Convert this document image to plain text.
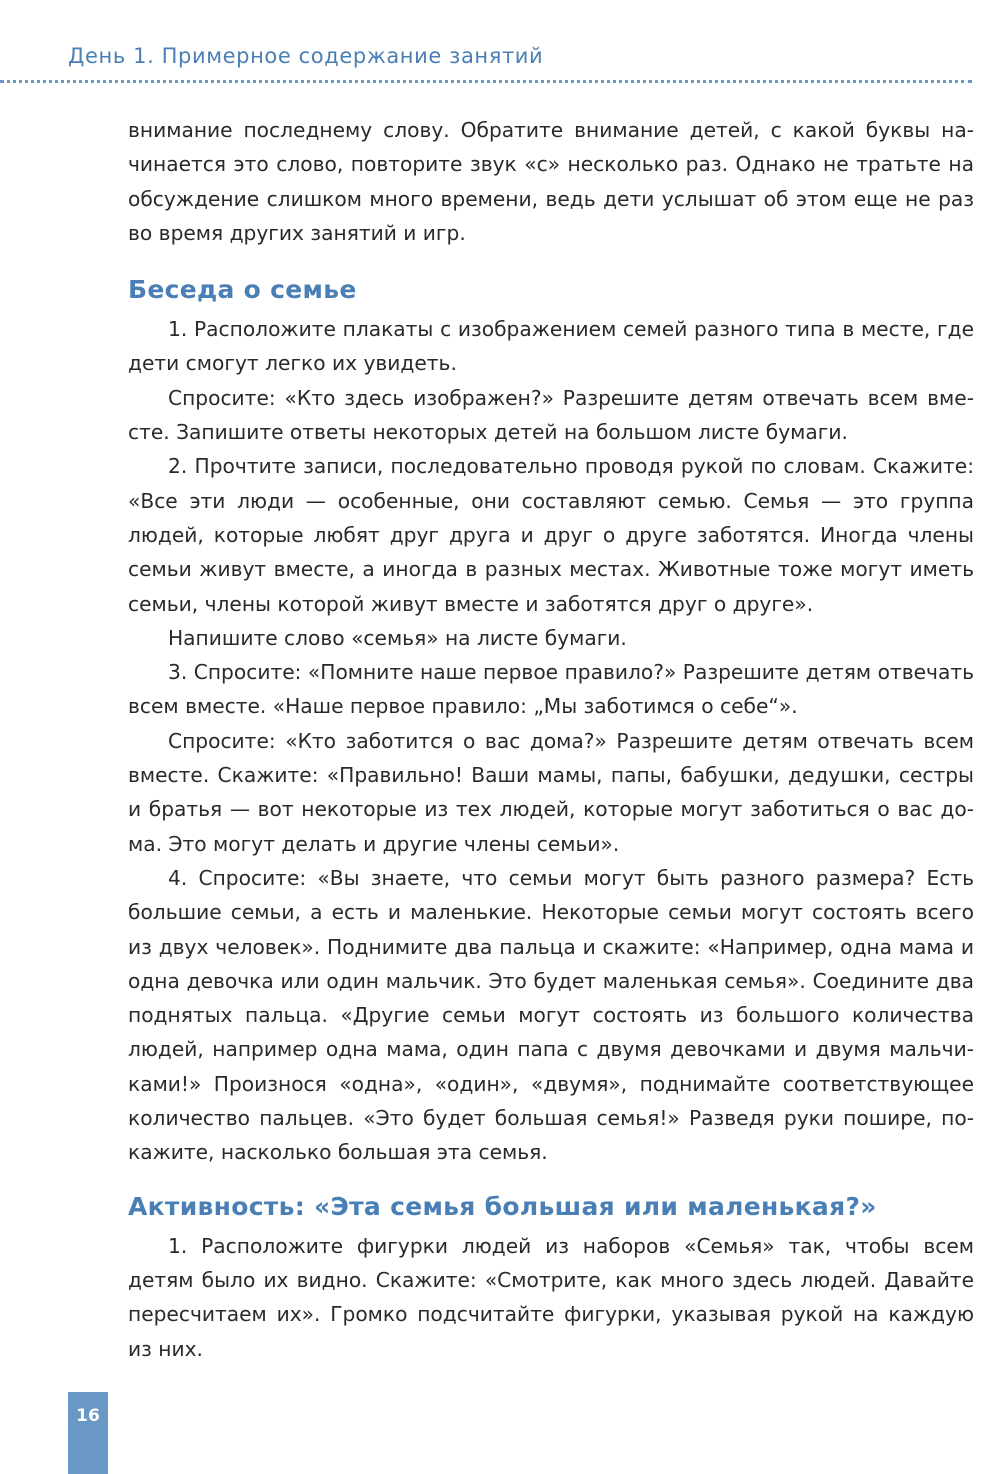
День 1. Примерное содержание занятий

внимание последнему слову. Обратите внимание детей, с какой буквы начинается это слово, повторите звук «с» несколько раз. Однако не тратьте на обсуждение слишком много времени, ведь дети услышат об этом еще не раз во время других занятий и игр.

Беседа о семье

1. Расположите плакаты с изображением семей разного типа в месте, где дети смогут легко их увидеть.

Спросите: «Кто здесь изображен?» Разрешите детям отвечать всем вместе. Запишите ответы некоторых детей на большом листе бумаги.

2. Прочтите записи, последовательно проводя рукой по словам. Скажите: «Все эти люди — особенные, они составляют семью. Семья — это группа людей, которые любят друг друга и друг о друге заботятся. Иногда члены семьи живут вместе, а иногда в разных местах. Животные тоже могут иметь семьи, члены которой живут вместе и заботятся друг о друге».

Напишите слово «семья» на листе бумаги.

3. Спросите: «Помните наше первое правило?» Разрешите детям отвечать всем вместе. «Наше первое правило: „Мы заботимся о себе“».

Спросите: «Кто заботится о вас дома?» Разрешите детям отвечать всем вместе. Скажите: «Правильно! Ваши мамы, папы, бабушки, дедушки, сестры и братья — вот некоторые из тех людей, которые могут заботиться о вас дома. Это могут делать и другие члены семьи».

4. Спросите: «Вы знаете, что семьи могут быть разного размера? Есть большие семьи, а есть и маленькие. Некоторые семьи могут состоять всего из двух человек». Поднимите два пальца и скажите: «Например, одна мама и одна девочка или один мальчик. Это будет маленькая семья». Соедините два поднятых пальца. «Другие семьи могут состоять из большого количества людей, например одна мама, один папа с двумя девочками и двумя мальчиками!» Произнося «одна», «один», «двумя», поднимайте соответствующее количество пальцев. «Это будет большая семья!» Разведя руки пошире, покажите, насколько большая эта семья.

Активность: «Эта семья большая или маленькая?»

1. Расположите фигурки людей из наборов «Семья» так, чтобы всем детям было их видно. Скажите: «Смотрите, как много здесь людей. Давайте пересчитаем их». Громко подсчитайте фигурки, указывая рукой на каждую из них.

16
